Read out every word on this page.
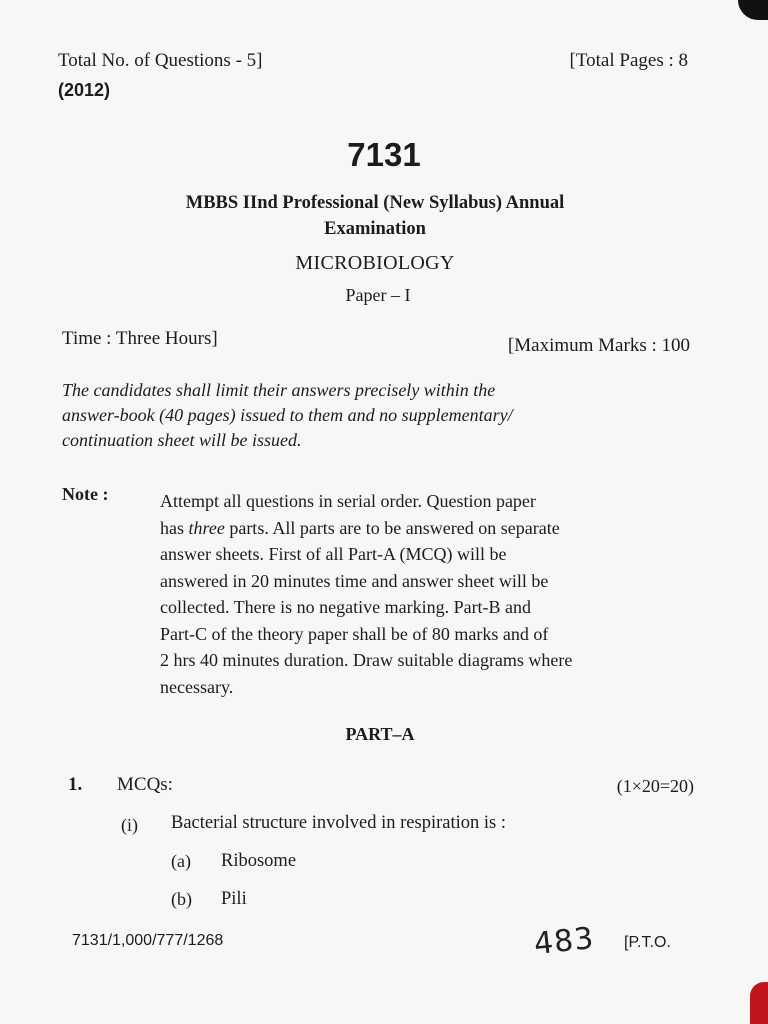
Total No. of Questions - 5]	[Total Pages : 8
(2012)
7131
MBBS IInd Professional (New Syllabus) Annual
Examination
MICROBIOLOGY
Paper – I
Time : Three Hours]	[Maximum Marks : 100
The candidates shall limit their answers precisely within the
answer-book (40 pages) issued to them and no supplementary/
continuation sheet will be issued.
Note :	Attempt all questions in serial order. Question paper
has three parts. All parts are to be answered on separate
answer sheets. First of all Part-A (MCQ) will be
answered in 20 minutes time and answer sheet will be
collected. There is no negative marking. Part-B and
Part-C of the theory paper shall be of 80 marks and of
2 hrs 40 minutes duration. Draw suitable diagrams where
necessary.
PART–A
1. MCQs:	(1×20=20)
(i) Bacterial structure involved in respiration is :
(a) Ribosome
(b) Pili
7131/1,000/777/1268	483 [P.T.O.
